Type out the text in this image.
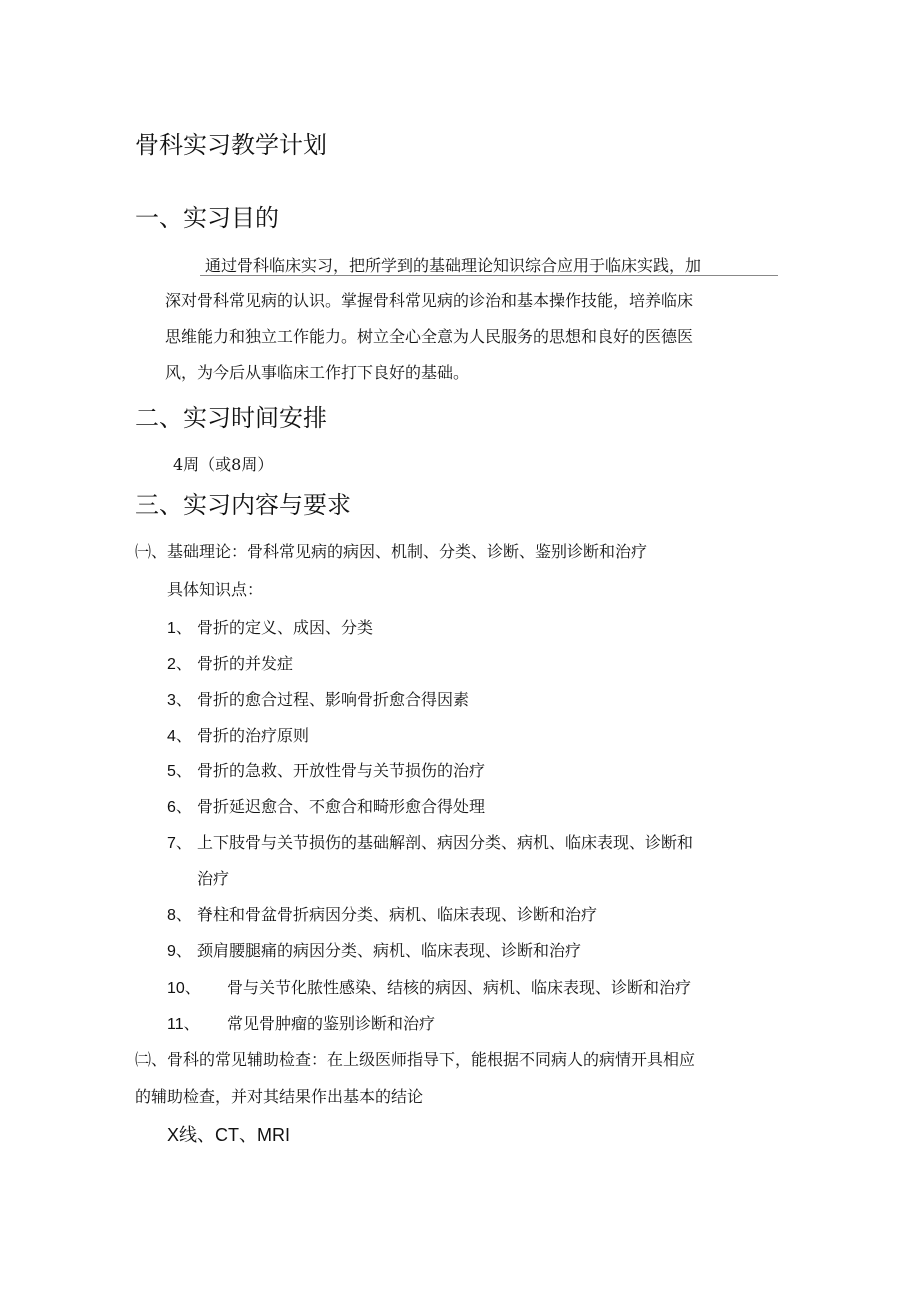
骨科实习教学计划
一、实习目的
通过骨科临床实习，把所学到的基础理论知识综合应用于临床实践，加
深对骨科常见病的认识。掌握骨科常见病的诊治和基本操作技能，培养临床
思维能力和独立工作能力。树立全心全意为人民服务的思想和良好的医德医
风，为今后从事临床工作打下良好的基础。
二、实习时间安排
4周（或8周）
三、实习内容与要求
㈠、基础理论：骨科常见病的病因、机制、分类、诊断、鉴别诊断和治疗
具体知识点：
1、 骨折的定义、成因、分类
2、 骨折的并发症
3、 骨折的愈合过程、影响骨折愈合得因素
4、 骨折的治疗原则
5、 骨折的急救、开放性骨与关节损伤的治疗
6、 骨折延迟愈合、不愈合和畸形愈合得处理
7、 上下肢骨与关节损伤的基础解剖、病因分类、病机、临床表现、诊断和
治疗
8、 脊柱和骨盆骨折病因分类、病机、临床表现、诊断和治疗
9、 颈肩腰腿痛的病因分类、病机、临床表现、诊断和治疗
10、 骨与关节化脓性感染、结核的病因、病机、临床表现、诊断和治疗
11、 常见骨肿瘤的鉴别诊断和治疗
㈡、骨科的常见辅助检查：在上级医师指导下，能根据不同病人的病情开具相应
的辅助检查，并对其结果作出基本的结论
X线、CT、MRI
